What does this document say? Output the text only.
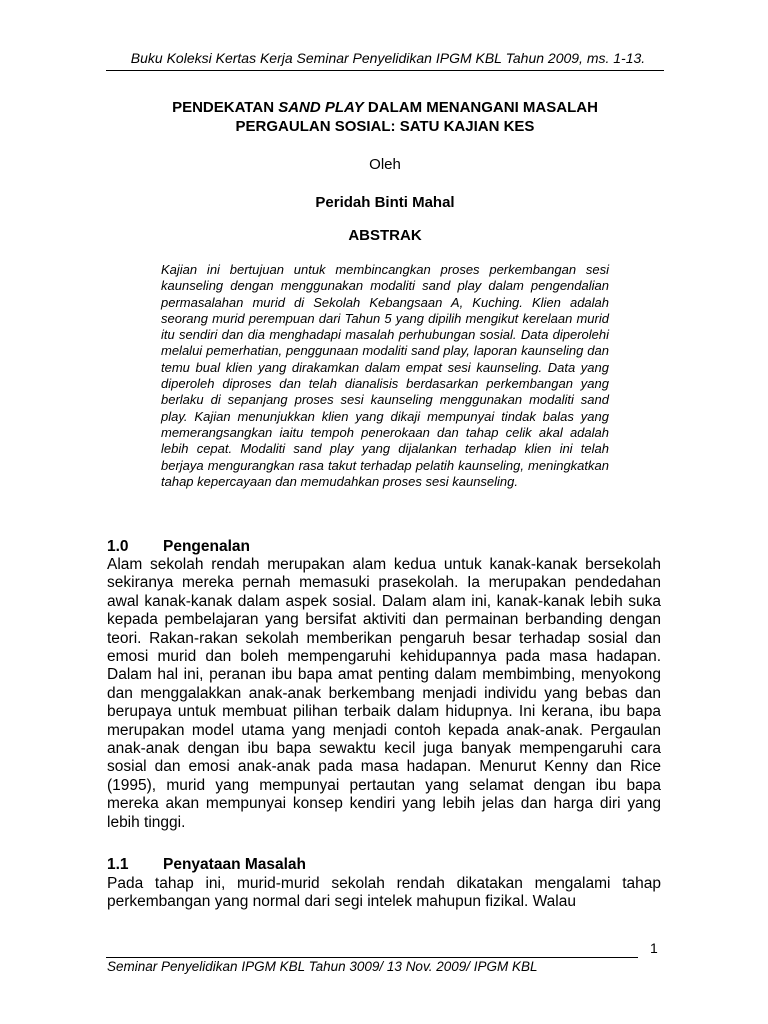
Buku Koleksi Kertas Kerja Seminar Penyelidikan IPGM KBL Tahun 2009, ms. 1-13.
PENDEKATAN SAND PLAY DALAM MENANGANI MASALAH
PERGAULAN SOSIAL: SATU KAJIAN KES
Oleh
Peridah Binti Mahal
ABSTRAK
Kajian ini bertujuan untuk membincangkan proses perkembangan sesi kaunseling dengan menggunakan modaliti sand play dalam pengendalian permasalahan murid di Sekolah Kebangsaan A, Kuching. Klien adalah seorang murid perempuan dari Tahun 5 yang dipilih mengikut kerelaan murid itu sendiri dan dia menghadapi masalah perhubungan sosial. Data diperolehi melalui pemerhatian, penggunaan modaliti sand play, laporan kaunseling dan temu bual klien yang dirakamkan dalam empat sesi kaunseling. Data yang diperoleh diproses dan telah dianalisis berdasarkan perkembangan yang berlaku di sepanjang proses sesi kaunseling menggunakan modaliti sand play. Kajian menunjukkan klien yang dikaji mempunyai tindak balas yang memerangsangkan iaitu tempoh penerokaan dan tahap celik akal adalah lebih cepat. Modaliti sand play yang dijalankan terhadap klien ini telah berjaya mengurangkan rasa takut terhadap pelatih kaunseling, meningkatkan tahap kepercayaan dan memudahkan proses sesi kaunseling.
1.0 Pengenalan
Alam sekolah rendah merupakan alam kedua untuk kanak-kanak bersekolah sekiranya mereka pernah memasuki prasekolah. Ia merupakan pendedahan awal kanak-kanak dalam aspek sosial. Dalam alam ini, kanak-kanak lebih suka kepada pembelajaran yang bersifat aktiviti dan permainan berbanding dengan teori. Rakan-rakan sekolah memberikan pengaruh besar terhadap sosial dan emosi murid dan boleh mempengaruhi kehidupannya pada masa hadapan. Dalam hal ini, peranan ibu bapa amat penting dalam membimbing, menyokong dan menggalakkan anak-anak berkembang menjadi individu yang bebas dan berupaya untuk membuat pilihan terbaik dalam hidupnya. Ini kerana, ibu bapa merupakan model utama yang menjadi contoh kepada anak-anak. Pergaulan anak-anak dengan ibu bapa sewaktu kecil juga banyak mempengaruhi cara sosial dan emosi anak-anak pada masa hadapan. Menurut Kenny dan Rice (1995), murid yang mempunyai pertautan yang selamat dengan ibu bapa mereka akan mempunyai konsep kendiri yang lebih jelas dan harga diri yang lebih tinggi.
1.1 Penyataan Masalah
Pada tahap ini, murid-murid sekolah rendah dikatakan mengalami tahap perkembangan yang normal dari segi intelek mahupun fizikal. Walau
1
Seminar Penyelidikan IPGM KBL Tahun 3009/ 13 Nov. 2009/ IPGM KBL
